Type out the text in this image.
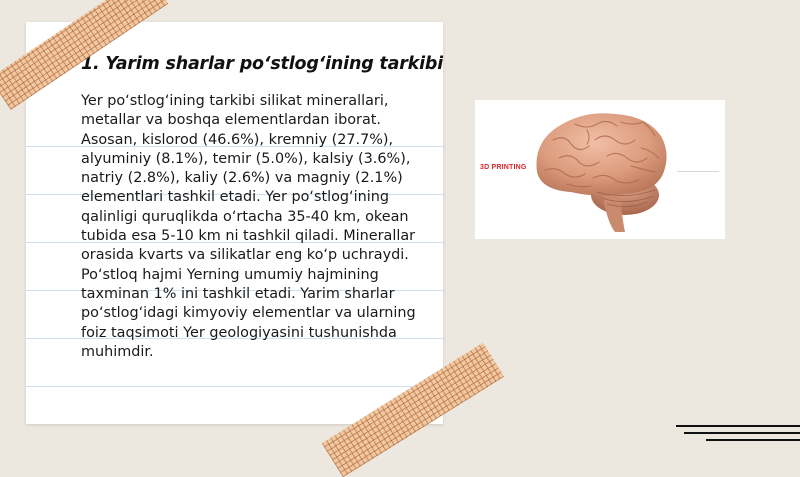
1. Yarim sharlar po‘stlog‘ining tarkibi

Yer po‘stlog‘ining tarkibi silikat minerallari, metallar va boshqa elementlardan iborat. Asosan, kislorod (46.6%), kremniy (27.7%), alyuminiy (8.1%), temir (5.0%), kalsiy (3.6%), natriy (2.8%), kaliy (2.6%) va magniy (2.1%) elementlari tashkil etadi. Yer po‘stlog‘ining qalinligi quruqlikda o‘rtacha 35-40 km, okean tubida esa 5-10 km ni tashkil qiladi. Minerallar orasida kvarts va silikatlar eng ko‘p uchraydi. Po‘stloq hajmi Yerning umumiy hajmining taxminan 1% ini tashkil etadi. Yarim sharlar po‘stlog‘idagi kimyoviy elementlar va ularning foiz taqsimoti Yer geologiyasini tushunishda muhimdir.

3D PRINTING
